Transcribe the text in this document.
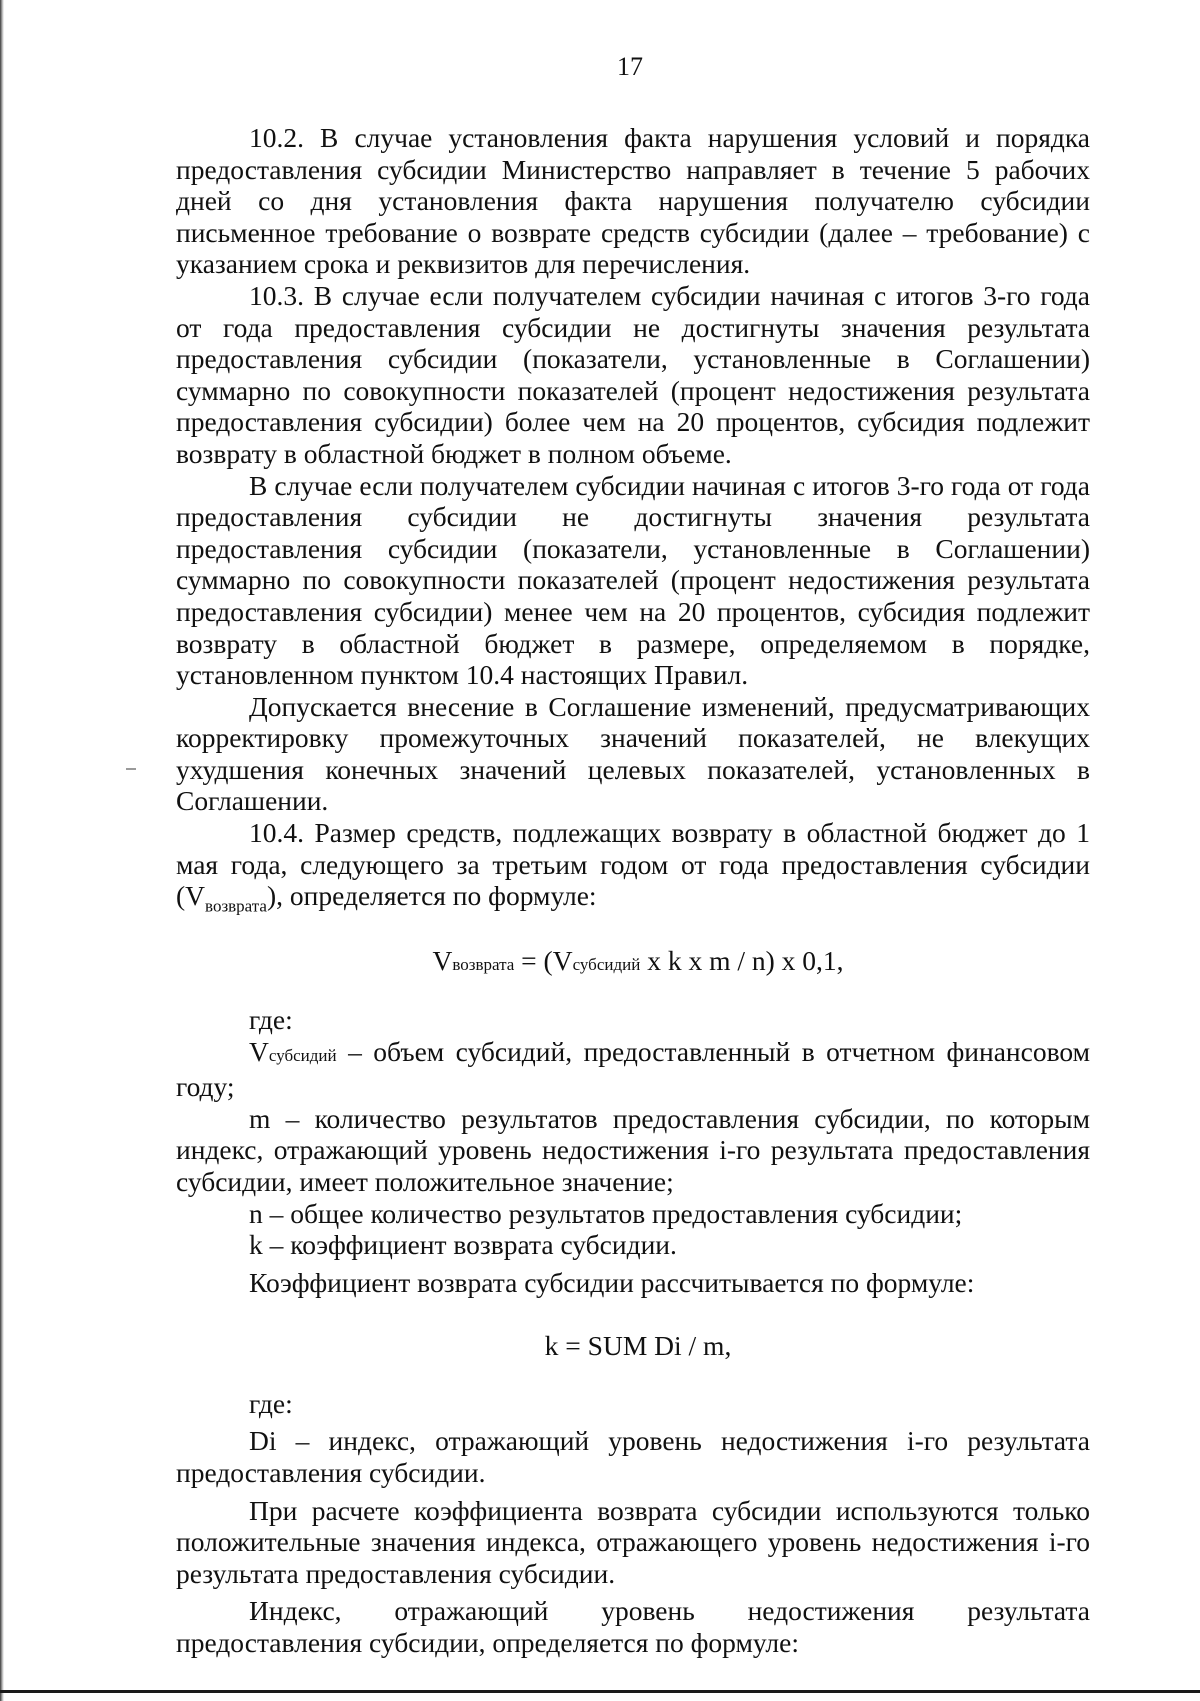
17

10.2. В случае установления факта нарушения условий и порядка предоставления субсидии Министерство направляет в течение 5 рабочих дней со дня установления факта нарушения получателю субсидии письменное требование о возврате средств субсидии (далее – требование) с указанием срока и реквизитов для перечисления.

10.3. В случае если получателем субсидии начиная с итогов 3-го года от года предоставления субсидии не достигнуты значения результата предоставления субсидии (показатели, установленные в Соглашении) суммарно по совокупности показателей (процент недостижения результата предоставления субсидии) более чем на 20 процентов, субсидия подлежит возврату в областной бюджет в полном объеме.

В случае если получателем субсидии начиная с итогов 3-го года от года предоставления субсидии не достигнуты значения результата предоставления субсидии (показатели, установленные в Соглашении) суммарно по совокупности показателей (процент недостижения результата предоставления субсидии) менее чем на 20 процентов, субсидия подлежит возврату в областной бюджет в размере, определяемом в порядке, установленном пунктом 10.4 настоящих Правил.

Допускается внесение в Соглашение изменений, предусматривающих корректировку промежуточных значений показателей, не влекущих ухудшения конечных значений целевых показателей, установленных в Соглашении.

10.4. Размер средств, подлежащих возврату в областной бюджет до 1 мая года, следующего за третьим годом от года предоставления субсидии $(V_{возврата})$, определяется по формуле:

Vвозврата = (Vсубсидий x k x m / n) x 0,1,

где:

Vсубсидий – объем субсидий, предоставленный в отчетном финансовом году;

m – количество результатов предоставления субсидии, по которым индекс, отражающий уровень недостижения i-го результата предоставления субсидии, имеет положительное значение;

n – общее количество результатов предоставления субсидии;

k – коэффициент возврата субсидии.

Коэффициент возврата субсидии рассчитывается по формуле:

k = SUM Di / m,

где:

Di – индекс, отражающий уровень недостижения i-го результата предоставления субсидии.

При расчете коэффициента возврата субсидии используются только положительные значения индекса, отражающего уровень недостижения i-го результата предоставления субсидии.

Индекс, отражающий уровень недостижения результата предоставления субсидии, определяется по формуле:
